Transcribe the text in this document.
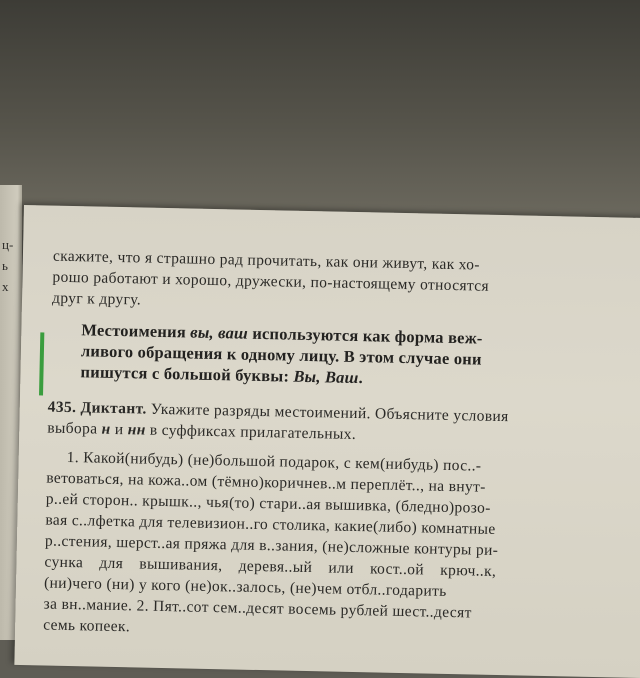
ц-
ь
х
скажите, что я страшно рад прочитать, как они живут, как хо-
рошо работают и хорошо, дружески, по-настоящему относятся
друг к другу.
Местоимения вы, ваш используются как форма веж-
ливого обращения к одному лицу. В этом случае они
пишутся с большой буквы: Вы, Ваш.
435. Диктант. Укажите разряды местоимений. Объясните условия
выбора н и нн в суффиксах прилагательных.
1. Какой(нибудь) (не)большой подарок, с кем(нибудь) пос..-
ветоваться, на кожа..ом (тёмно)коричнев..м переплёт.., на внут-
р..ей сторон.. крышк.., чья(то) стари..ая вышивка, (бледно)розо-
вая с..лфетка для телевизион..го столика, какие(либо) комнатные
р..стения, шерст..ая пряжа для в..зания, (не)сложные контуры ри-
сунка для вышивания, деревя..ый или кост..ой крюч..к,
(ни)чего (ни) у кого (не)ок..залось, (не)чем отбл..годарить
за вн..мание. 2. Пят..сот сем..десят восемь рублей шест..десят
семь копеек.
